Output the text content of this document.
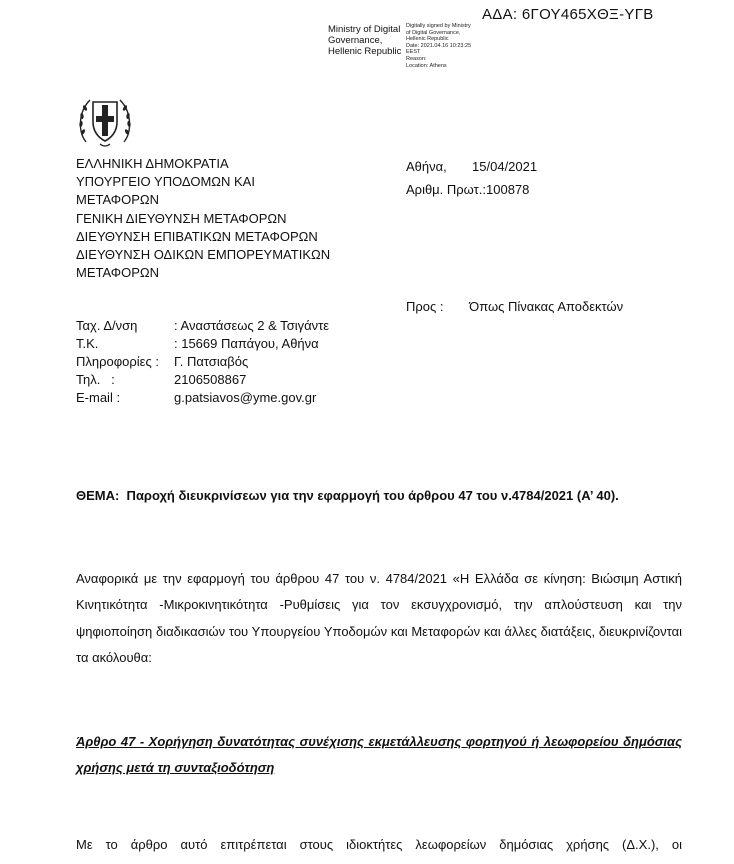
ΑΔΑ: 6ΓΟΥ465ΧΘΞ-ΥΓΒ
Ministry of Digital
Governance,
Hellenic Republic
Digitally signed by Ministry
of Digital Governance,
Hellenic Republic
Date: 2021.04.16 10:23:25
EEST
Reason:
Location: Athens
ΕΛΛΗΝΙΚΗ ΔΗΜΟΚΡΑΤΙΑ
ΥΠΟΥΡΓΕΙΟ ΥΠΟΔΟΜΩΝ ΚΑΙ
ΜΕΤΑΦΟΡΩΝ
ΓΕΝΙΚΗ ΔΙΕΥΘΥΝΣΗ ΜΕΤΑΦΟΡΩΝ
ΔΙΕΥΘΥΝΣΗ ΕΠΙΒΑΤΙΚΩΝ ΜΕΤΑΦΟΡΩΝ
ΔΙΕΥΘΥΝΣΗ ΟΔΙΚΩΝ ΕΜΠΟΡΕΥΜΑΤΙΚΩΝ
ΜΕΤΑΦΟΡΩΝ
Αθήνα,       15/04/2021
Αριθμ. Πρωτ.:100878
Προς : Όπως Πίνακας Αποδεκτών
Ταχ. Δ/νση	: Αναστάσεως 2 & Τσιγάντε
Τ.Κ.	: 15669 Παπάγου, Αθήνα
Πληροφορίες : Γ. Πατσιαβός
Τηλ.   :	2106508867
E-mail :	g.patsiavos@yme.gov.gr
ΘΕΜΑ:  Παροχή διευκρινίσεων για την εφαρμογή του άρθρου 47 του ν.4784/2021 (Α’ 40).
Αναφορικά με την εφαρμογή του άρθρου 47 του ν. 4784/2021 «Η Ελλάδα σε κίνηση: Βιώσιμη Αστική Κινητικότητα -Μικροκινητικότητα -Ρυθμίσεις για τον εκσυγχρονισμό, την απλούστευση και την ψηφιοποίηση διαδικασιών του Υπουργείου Υποδομών και Μεταφορών και άλλες διατάξεις, διευκρινίζονται τα ακόλουθα:
Άρθρο 47 - Χορήγηση δυνατότητας συνέχισης εκμετάλλευσης φορτηγού ή λεωφορείου δημόσιας
χρήσης μετά τη συνταξιοδότηση
Με το άρθρο αυτό επιτρέπεται στους ιδιοκτήτες λεωφορείων δημόσιας χρήσης (Δ.Χ.), οι
